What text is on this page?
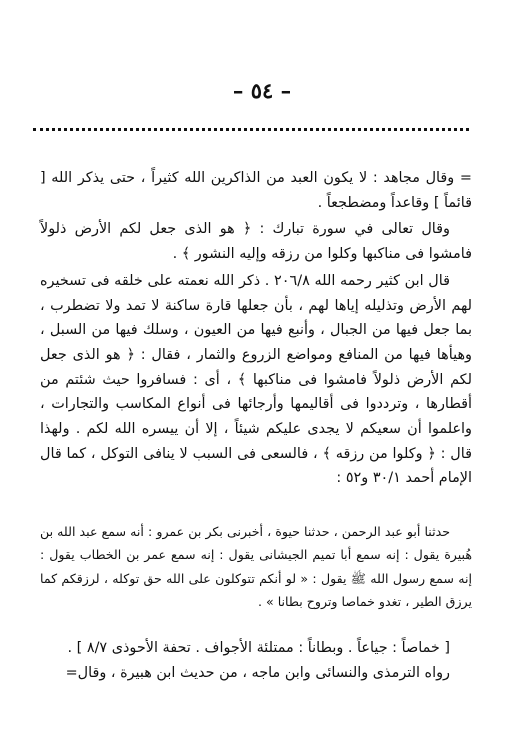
– ٥٤ –

= وقال مجاهد : لا يكون العبد من الذاكرين الله كثيراً ، حتى يذكر الله [ قائماً ] وقاعداً ومضطجعاً .

وقال تعالى في سورة تبارك : ﴿ هو الذى جعل لكم الأرض ذلولاً فامشوا فى مناكبها وكلوا من رزقه وإليه النشور ﴾ .

قال ابن كثير رحمه الله ٢٠٦/٨ . ذكر الله نعمته على خلقه فى تسخيره لهم الأرض وتذليله إياها لهم ، بأن جعلها قارة ساكنة لا تمد ولا تضطرب ، بما جعل فيها من الجبال ، وأنبع فيها من العيون ، وسلك فيها من السبل ، وهيأها فيها من المنافع ومواضع الزروع والثمار ، فقال : ﴿ هو الذى جعل لكم الأرض ذلولاً فامشوا فى مناكبها ﴾ ، أى : فسافروا حيث شئتم من أقطارها ، وترددوا فى أقاليمها وأرجائها فى أنواع المكاسب والتجارات ، واعلموا أن سعيكم لا يجدى عليكم شيئاً ، إلا أن ييسره الله لكم . ولهذا قال : ﴿ وكلوا من رزقه ﴾ ، فالسعى فى السبب لا ينافى التوكل ، كما قال الإمام أحمد ٣٠/١ و٥٢ :

حدثنا أبو عبد الرحمن ، حدثنا حيوة ، أخبرنى بكر بن عمرو : أنه سمع عبد الله بن هُبيرة يقول : إنه سمع أبا تميم الجيشانى يقول : إنه سمع عمر بن الخطاب يقول : إنه سمع رسول الله ﷺ يقول : « لو أنكم تتوكلون على الله حق توكله ، لرزقكم كما يرزق الطير ، تغدو خماصا وتروح بطانا » .

[ خماصاً : جياعاً . وبطاناً : ممتلئة الأجواف . تحفة الأحوذى ٨/٧ ] .

رواه الترمذى والنسائى وابن ماجه ، من حديث ابن هبيرة ، وقال=
